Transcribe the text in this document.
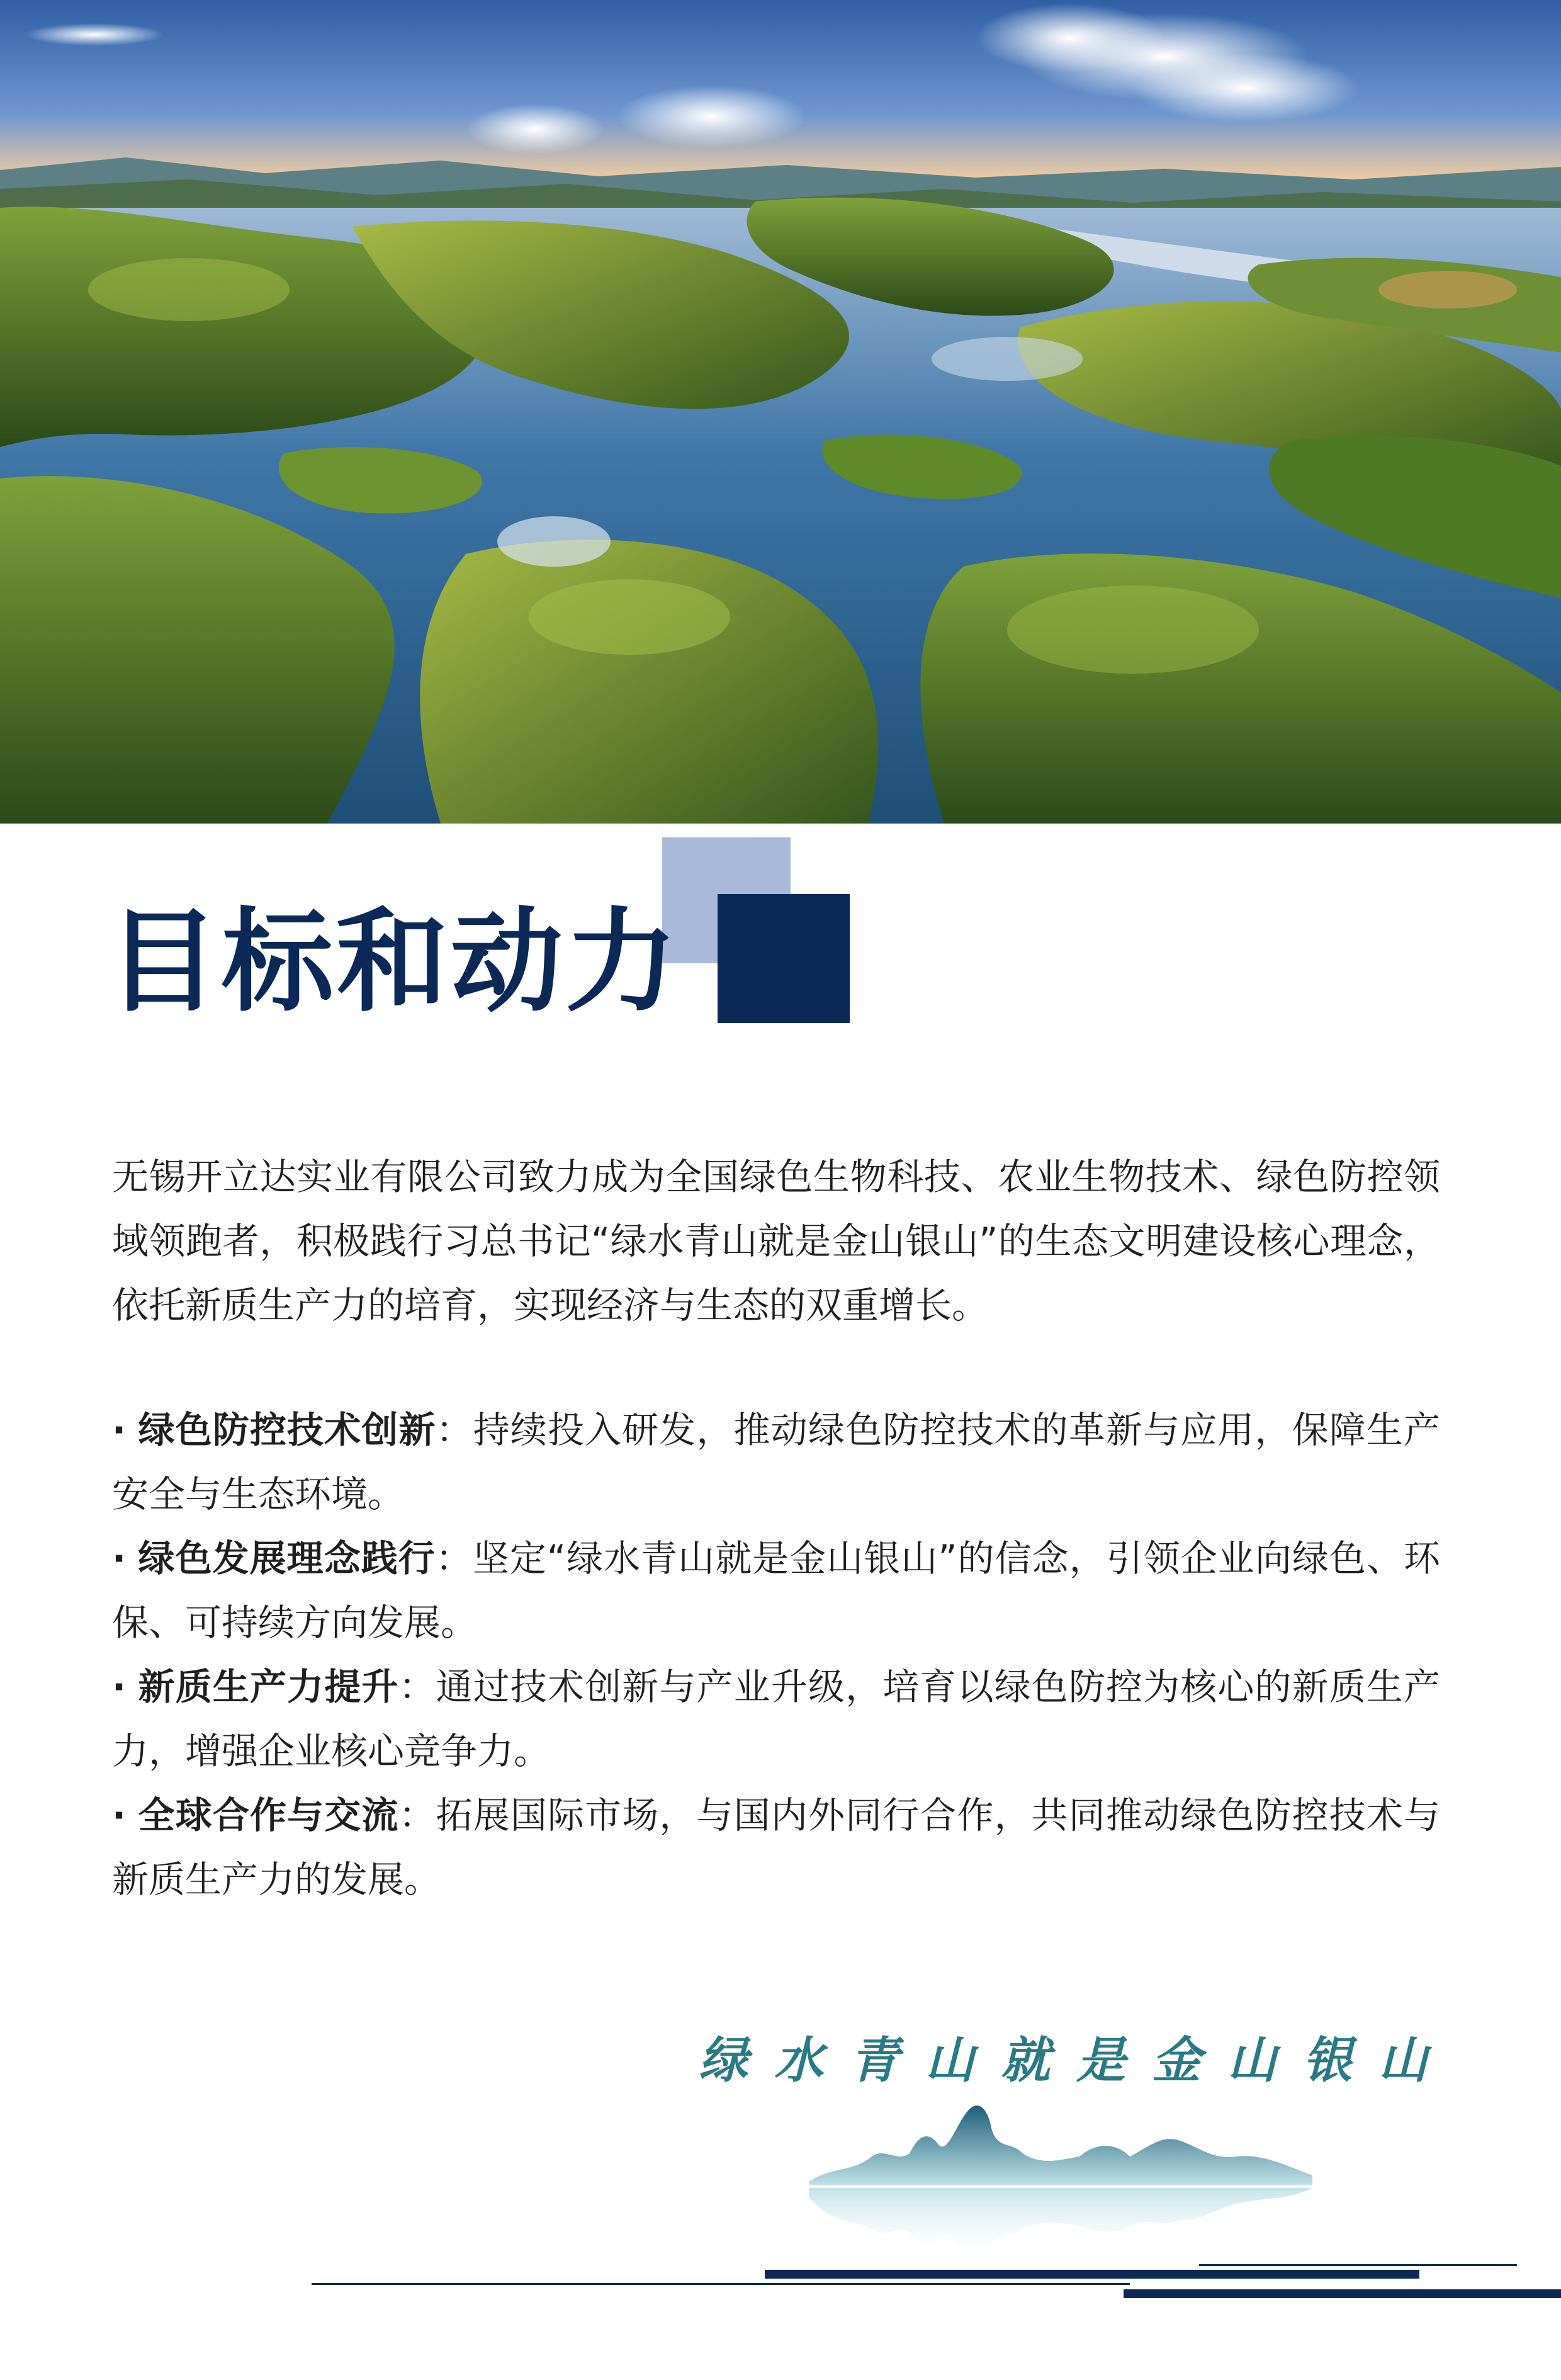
目标和动力

无锡开立达实业有限公司致力成为全国绿色生物科技、农业生物技术、绿色防控领域领跑者，积极践行习总书记“绿水青山就是金山银山”的生态文明建设核心理念，依托新质生产力的培育，实现经济与生态的双重增长。

· 绿色防控技术创新：持续投入研发，推动绿色防控技术的革新与应用，保障生产安全与生态环境。

· 绿色发展理念践行：坚定“绿水青山就是金山银山”的信念，引领企业向绿色、环保、可持续方向发展。

· 新质生产力提升：通过技术创新与产业升级，培育以绿色防控为核心的新质生产力，增强企业核心竞争力。

· 全球合作与交流：拓展国际市场，与国内外同行合作，共同推动绿色防控技术与新质生产力的发展。

绿水青山就是金山银山
